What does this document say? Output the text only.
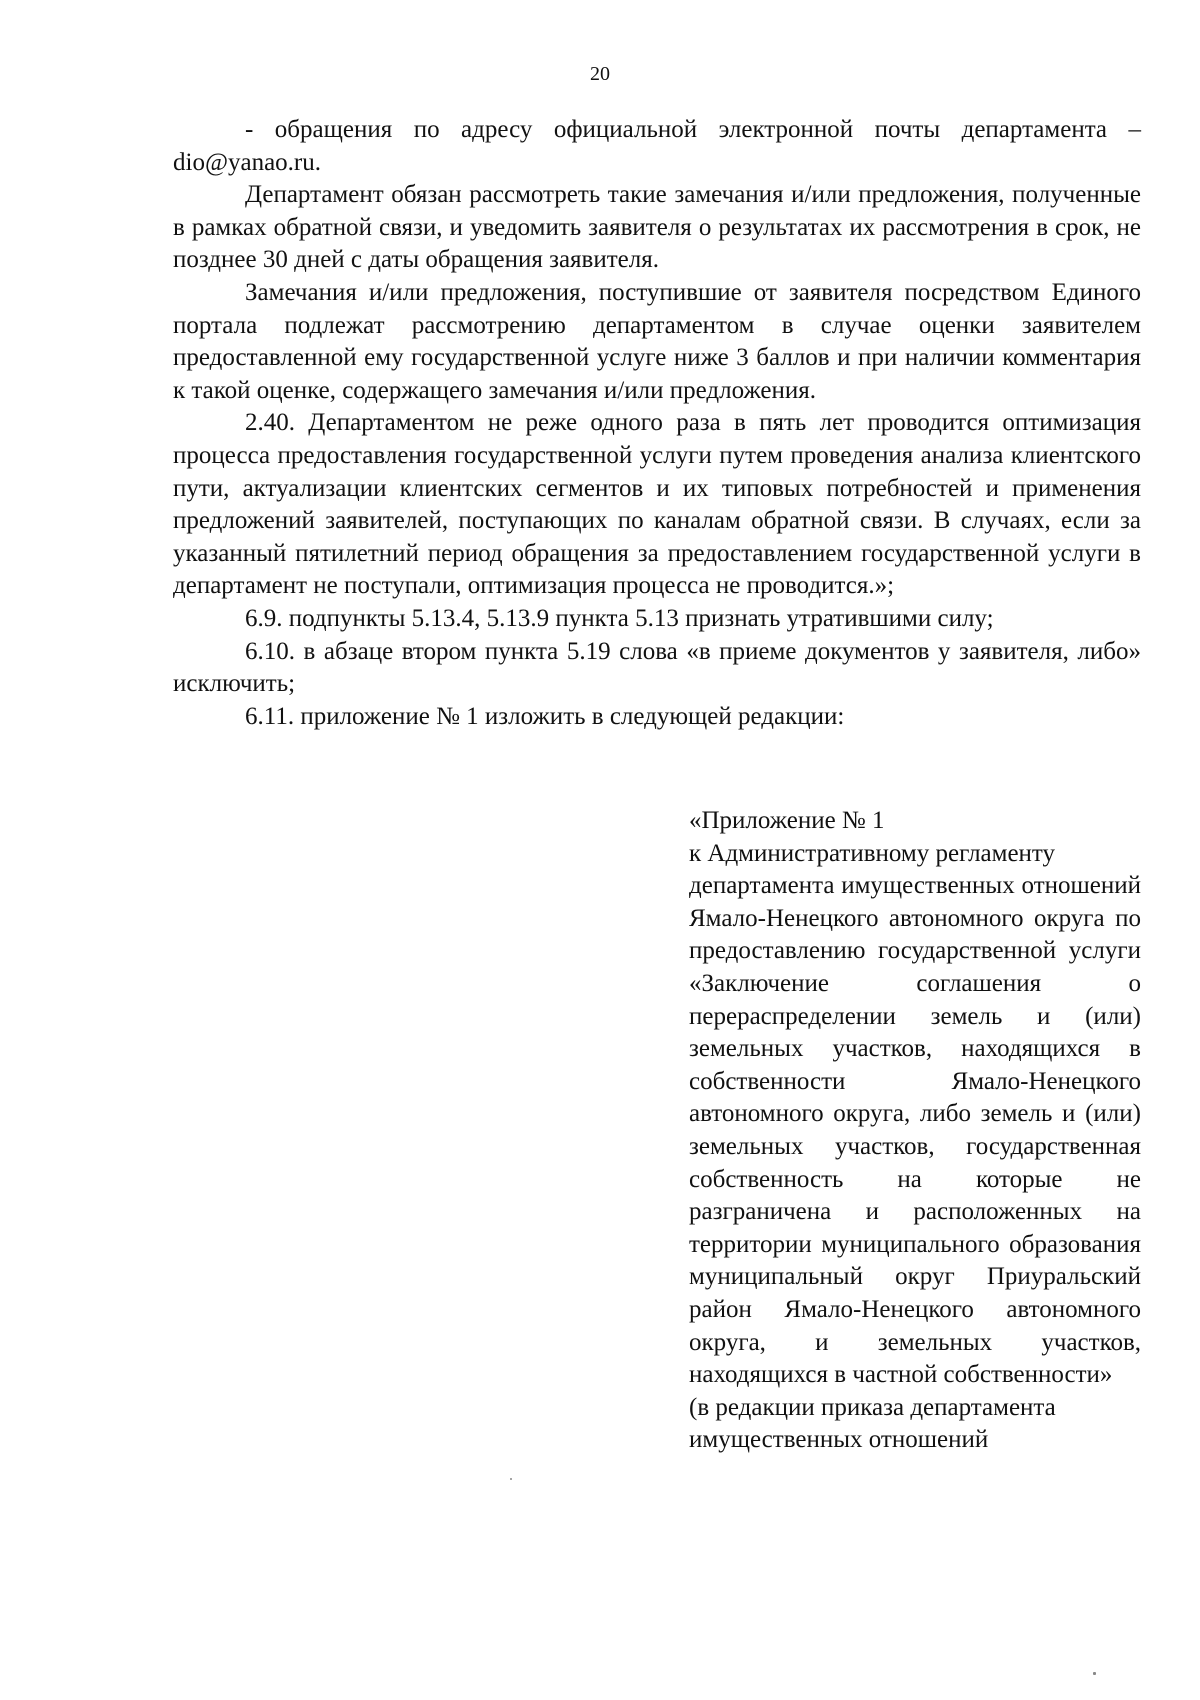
20

- обращения по адресу официальной электронной почты департамента – dio@yanao.ru.

Департамент обязан рассмотреть такие замечания и/или предложения, полученные в рамках обратной связи, и уведомить заявителя о результатах их рассмотрения в срок, не позднее 30 дней с даты обращения заявителя.

Замечания и/или предложения, поступившие от заявителя посредством Единого портала подлежат рассмотрению департаментом в случае оценки заявителем предоставленной ему государственной услуге ниже 3 баллов и при наличии комментария к такой оценке, содержащего замечания и/или предложения.

2.40. Департаментом не реже одного раза в пять лет проводится оптимизация процесса предоставления государственной услуги путем проведения анализа клиентского пути, актуализации клиентских сегментов и их типовых потребностей и применения предложений заявителей, поступающих по каналам обратной связи. В случаях, если за указанный пятилетний период обращения за предоставлением государственной услуги в департамент не поступали, оптимизация процесса не проводится.»;

6.9. подпункты 5.13.4, 5.13.9 пункта 5.13 признать утратившими силу;

6.10. в абзаце втором пункта 5.19 слова «в приеме документов у заявителя, либо» исключить;

6.11. приложение № 1 изложить в следующей редакции:

«Приложение № 1

к Административному регламенту

департамента имущественных отношений Ямало-Ненецкого автономного округа по предоставлению государственной услуги «Заключение соглашения о перераспределении земель и (или) земельных участков, находящихся в собственности Ямало-Ненецкого автономного округа, либо земель и (или) земельных участков, государственная собственность на которые не разграничена и расположенных на территории муниципального образования муниципальный округ Приуральский район Ямало-Ненецкого автономного округа, и земельных участков, находящихся в частной собственности»

(в редакции приказа департамента

имущественных отношений
